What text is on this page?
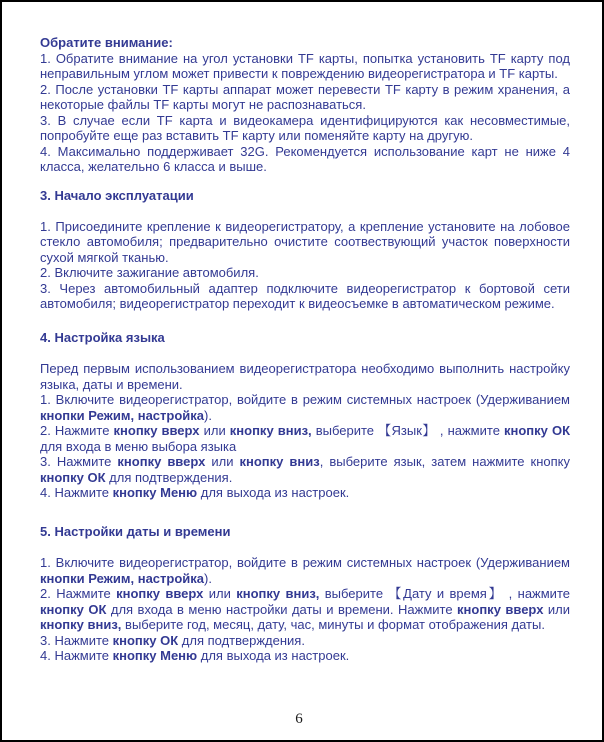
Обратите внимание:

1. Обратите внимание на угол установки TF карты, попытка установить TF карту под неправильным углом может привести к повреждению видеорегистратора и TF карты.

2. После установки TF карты аппарат может перевести TF карту в режим хранения, а некоторые файлы TF карты могут не распознаваться.

3. В случае если TF карта и видеокамера идентифицируются как несовместимые, попробуйте еще раз вставить TF карту или поменяйте карту на другую.

4. Максимально поддерживает 32G. Рекомендуется использование карт не ниже 4 класса, желательно 6 класса и выше.

3. Начало эксплуатации

1. Присоедините крепление к видеорегистратору, а крепление установите на лобовое стекло автомобиля; предварительно очистите соотвествующий участок поверхности сухой мягкой тканью.

2. Включите зажигание автомобиля.

3. Через автомобильный адаптер подключите видеорегистратор к бортовой сети автомобиля; видеорегистратор переходит к видеосъемке в автоматическом режиме.

4. Настройка языка

Перед первым использованием видеорегистратора необходимо выполнить настройку языка, даты и времени.

1. Включите видеорегистратор, войдите в режим системных настроек (Удерживанием кнопки Режим, настройка).

2. Нажмите кнопку вверх или кнопку вниз, выберите 【Язык】 , нажмите кнопку ОК для входа в меню выбора языка

3. Нажмите кнопку вверх или кнопку вниз, выберите язык, затем нажмите кнопку кнопку ОК для подтверждения.

4. Нажмите кнопку Меню для выхода из настроек.

5. Настройки даты и времени

1. Включите видеорегистратор, войдите в режим системных настроек (Удерживанием кнопки Режим, настройка).

2. Нажмите кнопку вверх или кнопку вниз, выберите 【Дату и время】 , нажмите кнопку ОК для входа в меню настройки даты и времени. Нажмите кнопку вверх или кнопку вниз, выберите год, месяц, дату, час, минуты и формат отображения даты.

3. Нажмите кнопку ОК для подтверждения.

4. Нажмите кнопку Меню для выхода из настроек.

6
